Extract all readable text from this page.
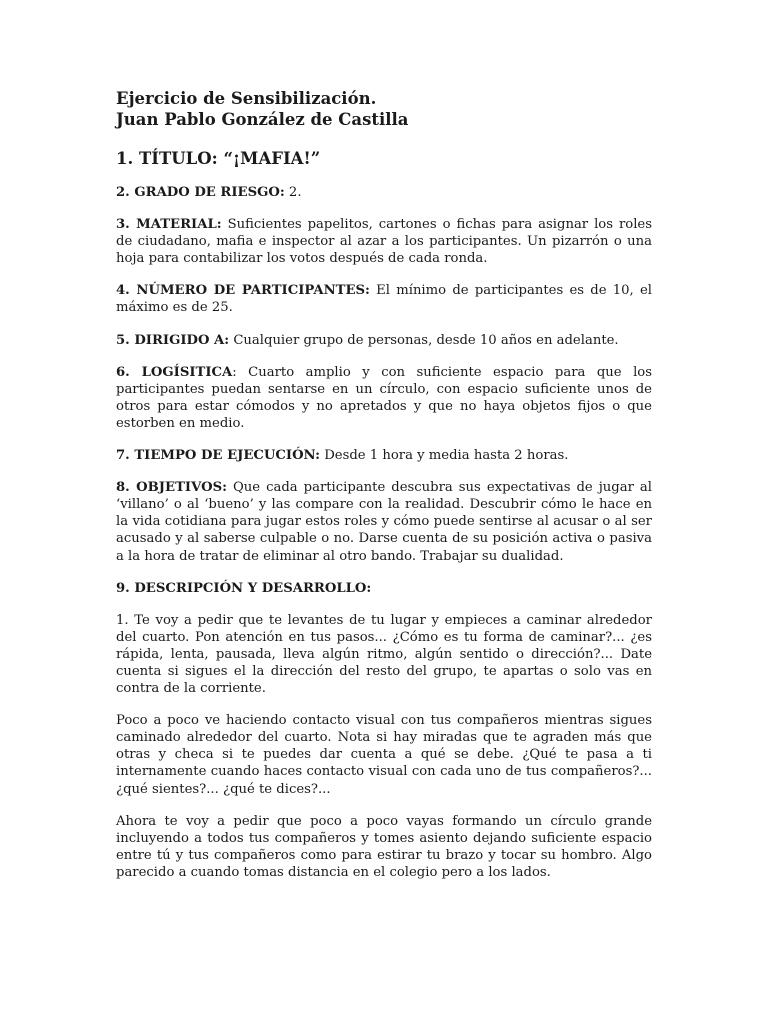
Ejercicio de Sensibilización.
Juan Pablo González de Castilla

1. TÍTULO: “¡MAFIA!”

2. GRADO DE RIESGO: 2.

3. MATERIAL: Suficientes papelitos, cartones o fichas para asignar los roles de ciudadano, mafia e inspector al azar a los participantes. Un pizarrón o una hoja para contabilizar los votos después de cada ronda.

4. NÚMERO DE PARTICIPANTES: El mínimo de participantes es de 10, el máximo es de 25.

5. DIRIGIDO A: Cualquier grupo de personas, desde 10 años en adelante.

6. LOGÍSITICA: Cuarto amplio y con suficiente espacio para que los participantes puedan sentarse en un círculo, con espacio suficiente unos de otros para estar cómodos y no apretados y que no haya objetos fijos o que estorben en medio.

7. TIEMPO DE EJECUCIÓN: Desde 1 hora y media hasta 2 horas.

8. OBJETIVOS: Que cada participante descubra sus expectativas de jugar al ‘villano’ o al ‘bueno’ y las compare con la realidad. Descubrir cómo le hace en la vida cotidiana para jugar estos roles y cómo puede sentirse al acusar o al ser acusado y al saberse culpable o no. Darse cuenta de su posición activa o pasiva a la hora de tratar de eliminar al otro bando. Trabajar su dualidad.

9. DESCRIPCIÓN Y DESARROLLO:

1. Te voy a pedir que te levantes de tu lugar y empieces a caminar alrededor del cuarto. Pon atención en tus pasos... ¿Cómo es tu forma de caminar?... ¿es rápida, lenta, pausada, lleva algún ritmo, algún sentido o dirección?... Date cuenta si sigues el la dirección del resto del grupo, te apartas o solo vas en contra de la corriente.

Poco a poco ve haciendo contacto visual con tus compañeros mientras sigues caminado alrededor del cuarto. Nota si hay miradas que te agraden más que otras y checa si te puedes dar cuenta a qué se debe. ¿Qué te pasa a ti internamente cuando haces contacto visual con cada uno de tus compañeros?... ¿qué sientes?... ¿qué te dices?...

Ahora te voy a pedir que poco a poco vayas formando un círculo grande incluyendo a todos tus compañeros y tomes asiento dejando suficiente espacio entre tú y tus compañeros como para estirar tu brazo y tocar su hombro. Algo parecido a cuando tomas distancia en el colegio pero a los lados.
